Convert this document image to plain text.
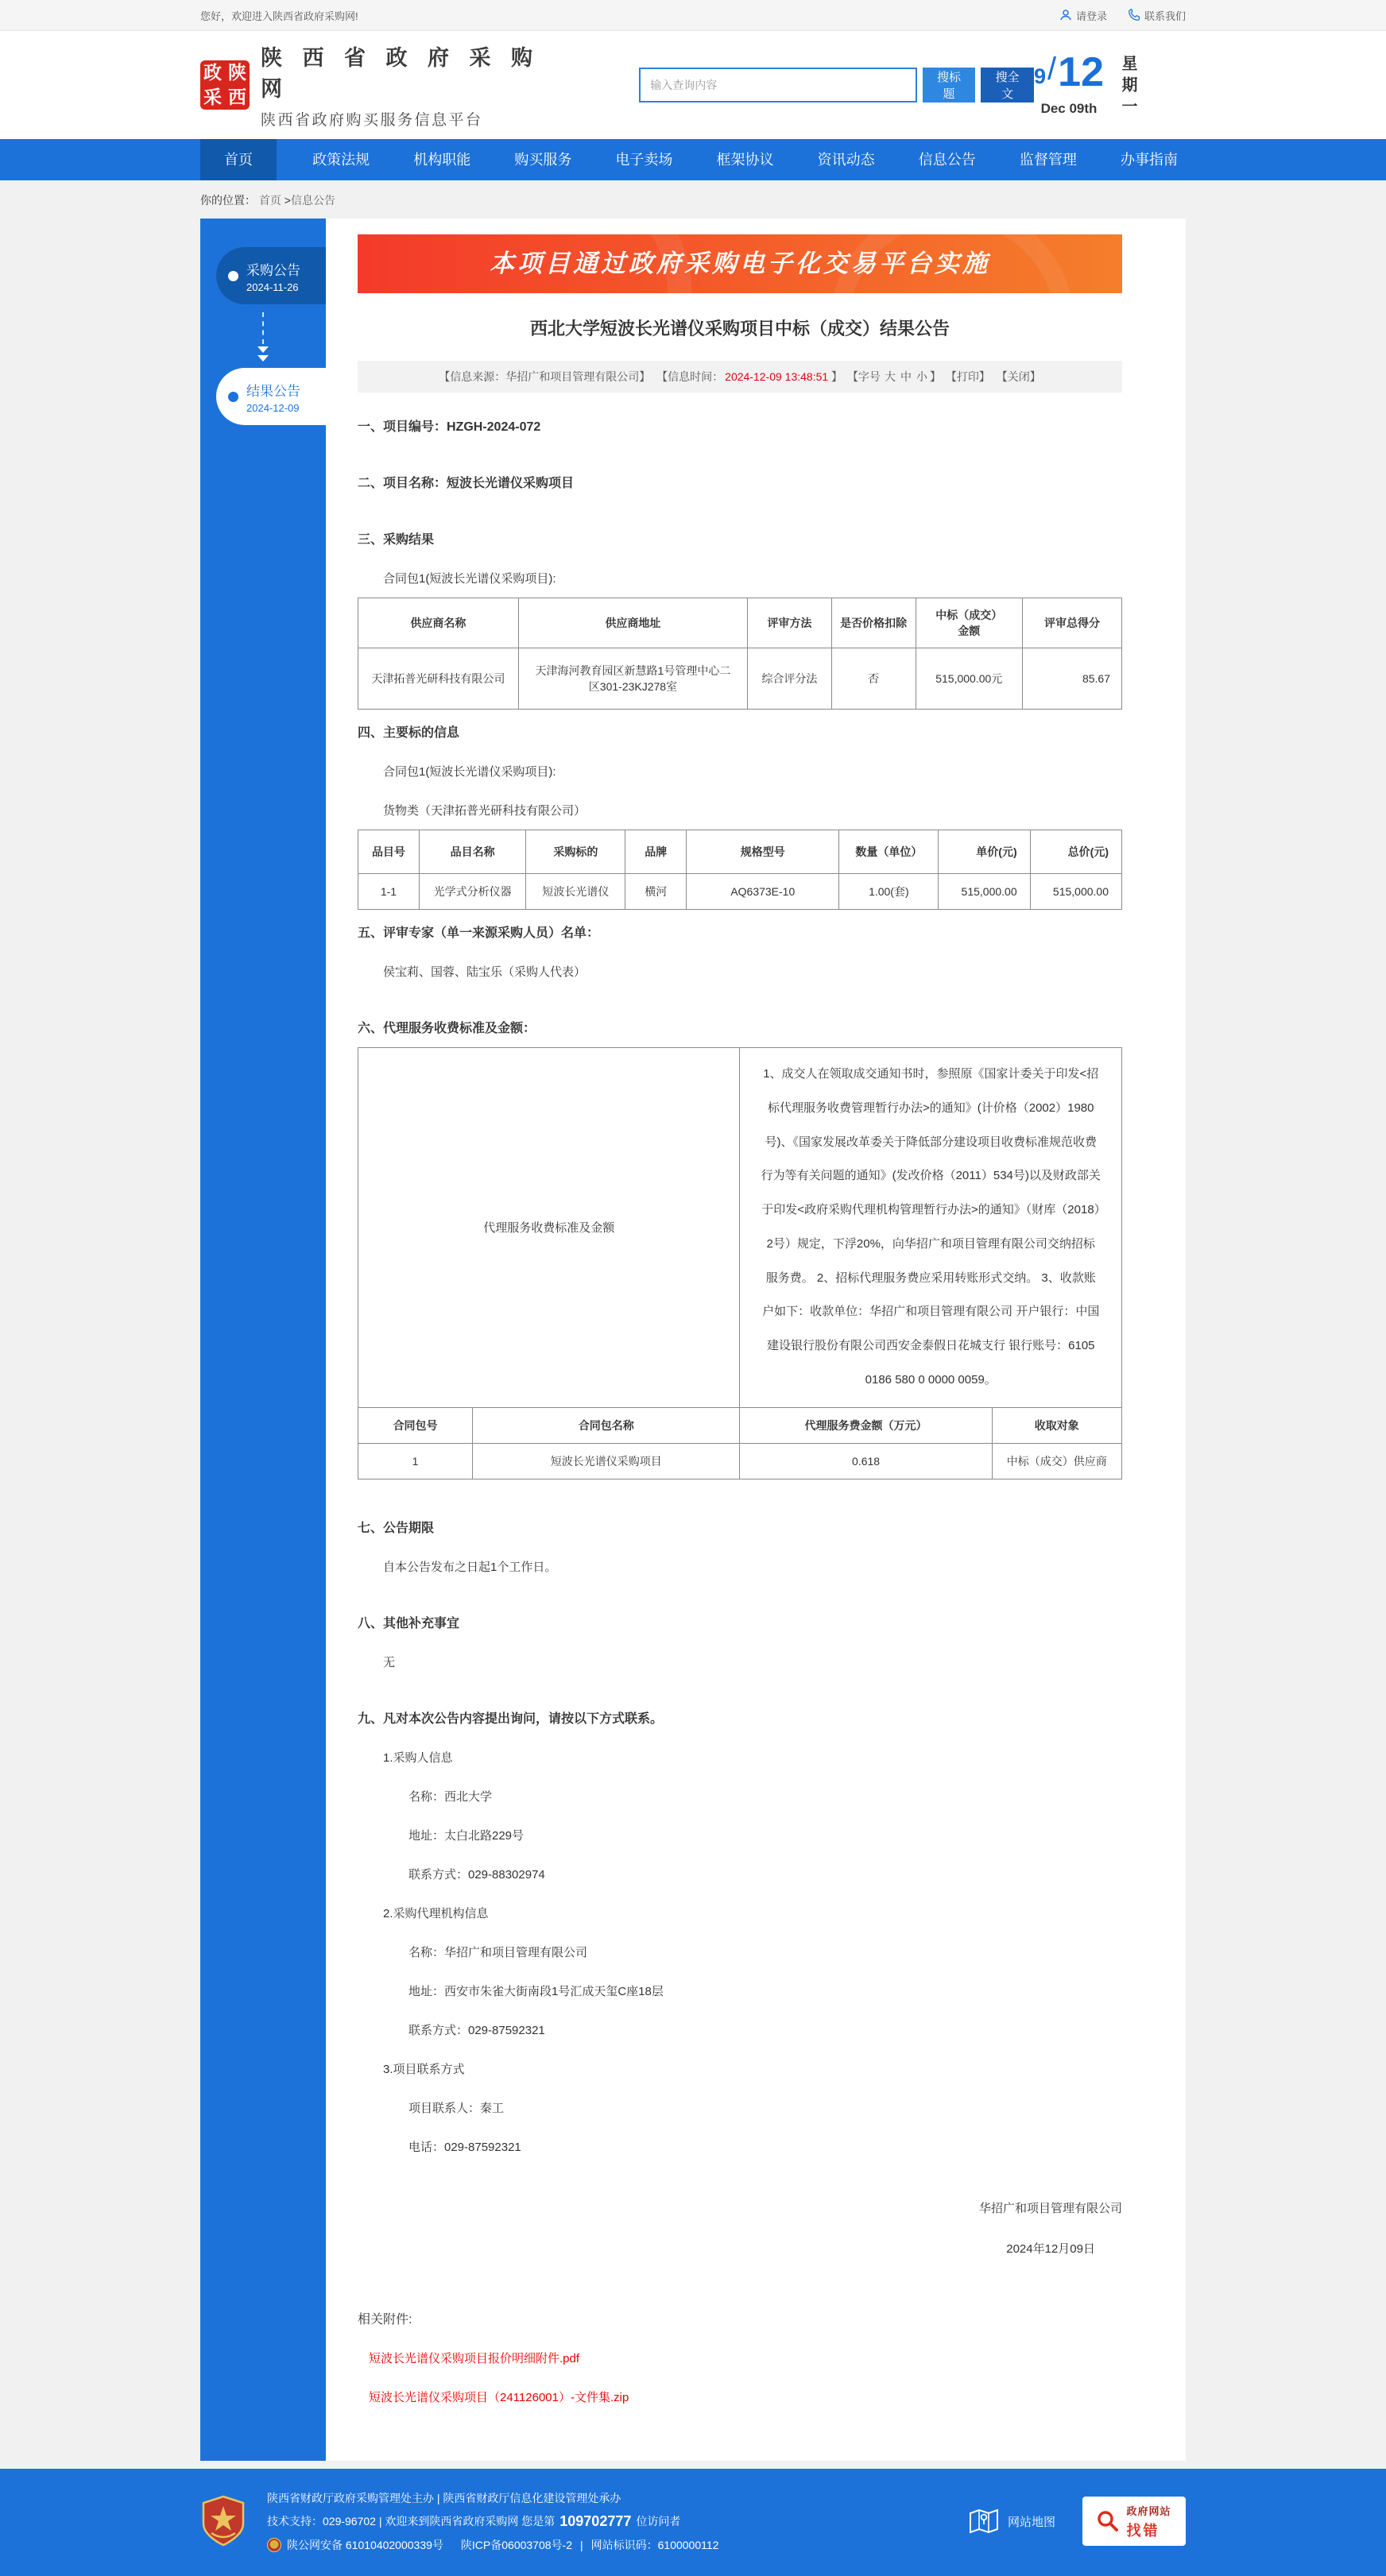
您好，欢迎进入陕西省政府采购网!	请登录	联系我们
政 陕
采 西
陕 西 省 政 府 采 购 网
陕西省政府购买服务信息平台
输入查询内容
搜标题
搜全文
9 / 12
Dec 09th	星期一
首页	政策法规	机构职能	购买服务	电子卖场	框架协议	资讯动态	信息公告	监督管理	办事指南
你的位置： 首页 >信息公告
采购公告
2024-11-26
结果公告
2024-12-09
本项目通过政府采购电子化交易平台实施
西北大学短波长光谱仪采购项目中标（成交）结果公告
【信息来源：华招广和项目管理有限公司】 【信息时间： 2024-12-09 13:48:51 】 【字号 大 中 小 】 【打印】 【关闭】
一、项目编号：HZGH-2024-072
二、项目名称：短波长光谱仪采购项目
三、采购结果
合同包1(短波长光谱仪采购项目):
供应商名称	供应商地址	评审方法	是否价格扣除	中标（成交）金额	评审总得分
天津拓普光研科技有限公司	天津海河教育园区新慧路1号管理中心二区301-23KJ278室	综合评分法	否	515,000.00元	85.67
四、主要标的信息
合同包1(短波长光谱仪采购项目):
货物类（天津拓普光研科技有限公司）
品目号	品目名称	采购标的	品牌	规格型号	数量（单位）	单价(元)	总价(元)
1-1	光学式分析仪器	短波长光谱仪	横河	AQ6373E-10	1.00(套)	515,000.00	515,000.00
五、评审专家（单一来源采购人员）名单：
侯宝莉、国蓉、陆宝乐（采购人代表）
六、代理服务收费标准及金额：
代理服务收费标准及金额		1、成交人在领取成交通知书时，参照原《国家计委关于印发<招标代理服务收费管理暂行办法>的通知》(计价格（2002）1980号)、《国家发展改革委关于降低部分建设项目收费标准规范收费行为等有关问题的通知》(发改价格（2011）534号)以及财政部关于印发<政府采购代理机构管理暂行办法>的通知》（财库（2018）2号）规定，下浮20%，向华招广和项目管理有限公司交纳招标服务费。 2、招标代理服务费应采用转账形式交纳。 3、收款账户如下：收款单位：华招广和项目管理有限公司 开户银行：中国建设银行股份有限公司西安金泰假日花城支行 银行账号：6105 0186 580 0 0000 0059。	
合同包号	合同包名称	代理服务费金额（万元）	收取对象
1	短波长光谱仪采购项目	0.618	中标（成交）供应商
七、公告期限
自本公告发布之日起1个工作日。
八、其他补充事宜
无
九、凡对本次公告内容提出询问，请按以下方式联系。
1.采购人信息
名称：西北大学
地址：太白北路229号
联系方式：029-88302974
2.采购代理机构信息
名称：华招广和项目管理有限公司
地址：西安市朱雀大街南段1号汇成天玺C座18层
联系方式：029-87592321
3.项目联系方式
项目联系人：秦工
电话：029-87592321
华招广和项目管理有限公司
2024年12月09日
相关附件:
短波长光谱仪采购项目报价明细附件.pdf
短波长光谱仪采购项目（241126001）-文件集.zip
陕西省财政厅政府采购管理处主办 | 陕西省财政厅信息化建设管理处承办
技术支持：029-96702 | 欢迎来到陕西省政府采购网 您是第 109702777 位访问者
陕公网安备 61010402000339号 陕ICP备06003708号-2 | 网站标识码：6100000112
网站地图
政府网站
找错
